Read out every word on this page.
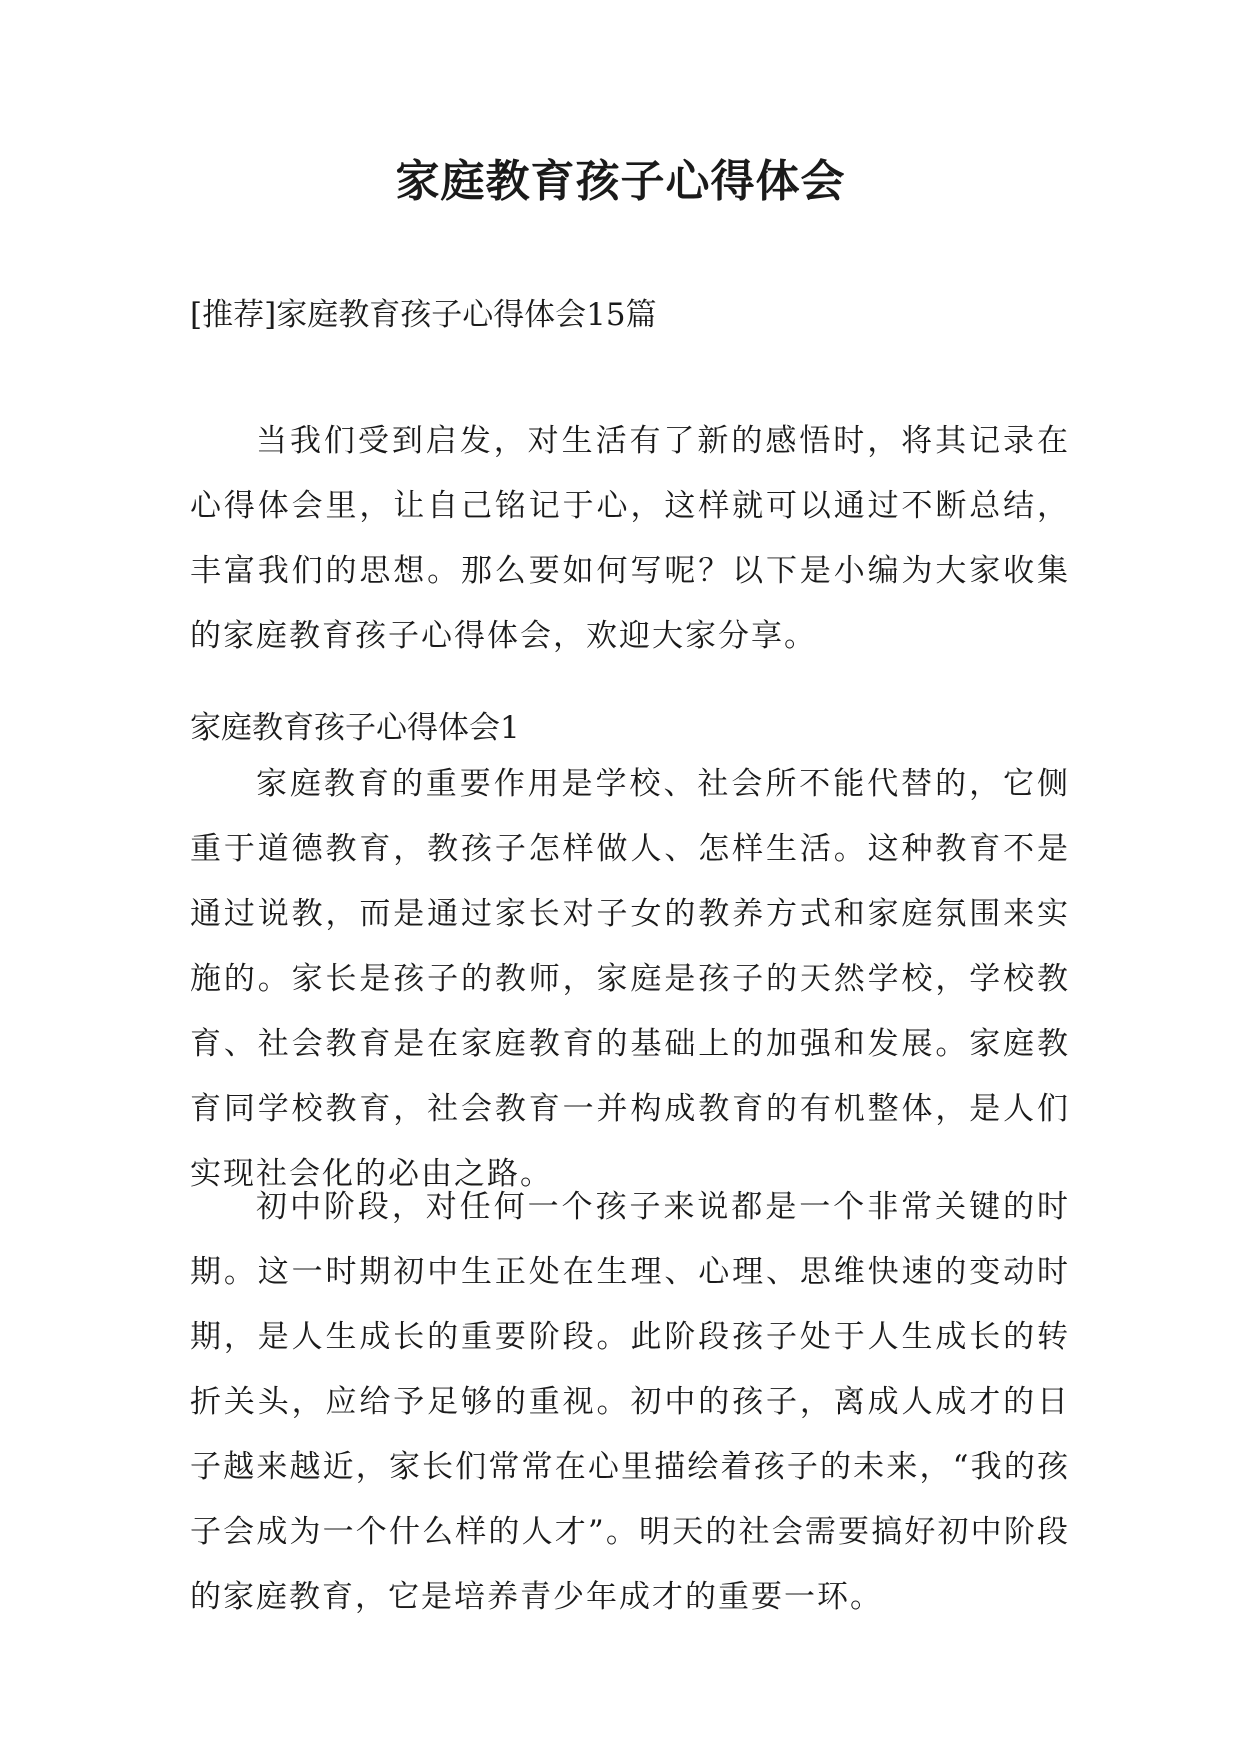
家庭教育孩子心得体会

[推荐]家庭教育孩子心得体会15篇

当我们受到启发，对生活有了新的感悟时，将其记录在心得体会里，让自己铭记于心，这样就可以通过不断总结，丰富我们的思想。那么要如何写呢？以下是小编为大家收集的家庭教育孩子心得体会，欢迎大家分享。

家庭教育孩子心得体会1

家庭教育的重要作用是学校、社会所不能代替的，它侧重于道德教育，教孩子怎样做人、怎样生活。这种教育不是通过说教，而是通过家长对子女的教养方式和家庭氛围来实施的。家长是孩子的教师，家庭是孩子的天然学校，学校教育、社会教育是在家庭教育的基础上的加强和发展。家庭教育同学校教育，社会教育一并构成教育的有机整体，是人们实现社会化的必由之路。

初中阶段，对任何一个孩子来说都是一个非常关键的时期。这一时期初中生正处在生理、心理、思维快速的变动时期，是人生成长的重要阶段。此阶段孩子处于人生成长的转折关头，应给予足够的重视。初中的孩子，离成人成才的日子越来越近，家长们常常在心里描绘着孩子的未来，“我的孩子会成为一个什么样的人才”。明天的社会需要搞好初中阶段的家庭教育，它是培养青少年成才的重要一环。
